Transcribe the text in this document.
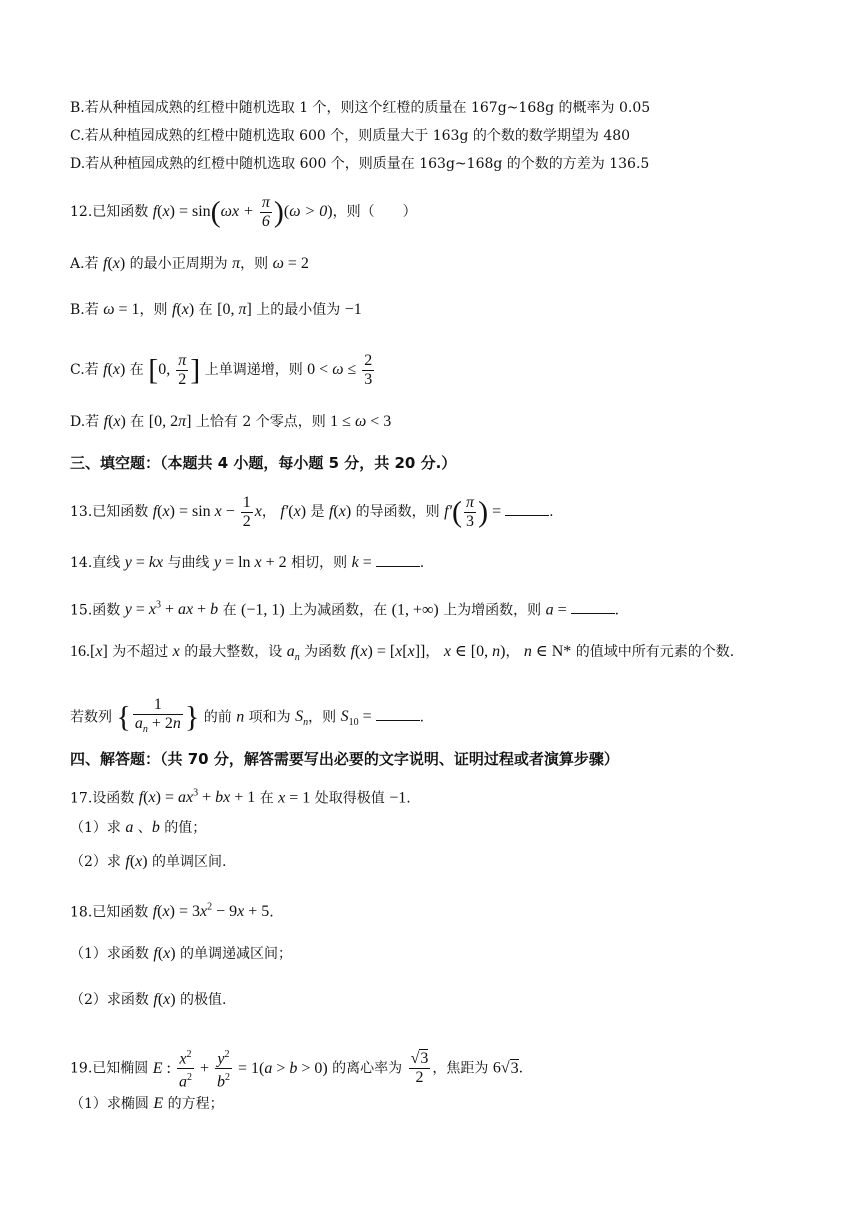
B.若从种植园成熟的红橙中随机选取 1 个，则这个红橙的质量在 167g~168g 的概率为 0.05
C.若从种植园成熟的红橙中随机选取 600 个，则质量大于 163g 的个数的数学期望为 480
D.若从种植园成熟的红橙中随机选取 600 个，则质量在 163g~168g 的个数的方差为 136.5
12.已知函数 $f(x) = \sin(\omega x + \frac{\pi}{6} )(\omega > 0)$，则（　　）
A.若 f(x) 的最小正周期为 π，则 ω = 2
B.若 ω = 1，则 f(x) 在 [0, π] 上的最小值为 −1
C.若 f(x) 在 [0, $\frac{\pi}{2}$ ] 上单调递增，则 $0 < \omega \le \frac{2}{3}$
D.若 f(x) 在 [0, 2π] 上恰有 2 个零点，则 1 ≤ ω < 3
三、填空题：（本题共 4 小题，每小题 5 分，共 20 分.）
13.已知函数 $f(x) = \sin x - \frac{1}{2}$ x， f′(x) 是 f(x) 的导函数，则 $f'( \frac{\pi}{3}$ ) =	.
14.直线 y = kx 与曲线 y = ln x + 2 相切，则 k =	.
15.函数 $y = x^3$ + ax + b 在 (−1, 1) 上为减函数，在 (1, +∞) 上为增函数，则 a =	.
16.[x] 为不超过 x 的最大整数，设 $a_n$ 为函数 f(x) = [x[x]]， x ∈ [0, n)， n ∈ N* 的值域中所有元素的个数.
若数列 { $\frac{1}{a_n + 2n}$ } 的前 n 项和为 $S_n$，则 $S_{10}$ =	.
四、解答题：（共 70 分，解答需要写出必要的文字说明、证明过程或者演算步骤）
17.设函数 $f(x) = ax^3$ + bx + 1 在 x = 1 处取得极值 −1.
（1）求 a 、b 的值；
（2）求 f(x) 的单调区间.
18.已知函数 $f(x) = 3x^2 - 9x + 5$.
（1）求函数 f(x) 的单调递减区间；
（2）求函数 f(x) 的极值.
19.已知椭圆 E : $\frac{x^2}{a^2} + \frac{y^2}{b^2} = 1(a > b > 0)$ 的离心率为 $\frac{√3}{2}$ ，焦距为 6√3.
（1）求椭圆 E 的方程；
